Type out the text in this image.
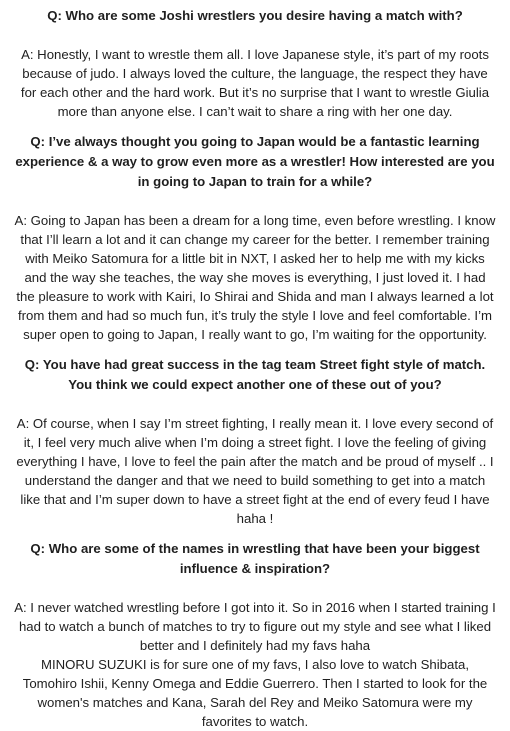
Q: Who are some Joshi wrestlers you desire having a match with?

A: Honestly, I want to wrestle them all. I love Japanese style, it’s part of my roots because of judo. I always loved the culture, the language, the respect they have for each other and the hard work. But it’s no surprise that I want to wrestle Giulia more than anyone else. I can’t wait to share a ring with her one day.

Q: I’ve always thought you going to Japan would be a fantastic learning experience & a way to grow even more as a wrestler! How interested are you in going to Japan to train for a while?

A: Going to Japan has been a dream for a long time, even before wrestling. I know that I’ll learn a lot and it can change my career for the better. I remember training with Meiko Satomura for a little bit in NXT, I asked her to help me with my kicks and the way she teaches, the way she moves is everything, I just loved it. I had the pleasure to work with Kairi, Io Shirai and Shida and man I always learned a lot from them and had so much fun, it’s truly the style I love and feel comfortable. I’m super open to going to Japan, I really want to go, I’m waiting for the opportunity.

Q: You have had great success in the tag team Street fight style of match. You think we could expect another one of these out of you?

A: Of course, when I say I’m street fighting, I really mean it. I love every second of it, I feel very much alive when I’m doing a street fight. I love the feeling of giving everything I have, I love to feel the pain after the match and be proud of myself .. I understand the danger and that we need to build something to get into a match like that and I’m super down to have a street fight at the end of every feud I have haha !

Q: Who are some of the names in wrestling that have been your biggest influence & inspiration?

A: I never watched wrestling before I got into it. So in 2016 when I started training I had to watch a bunch of matches to try to figure out my style and see what I liked better and I definitely had my favs haha

MINORU SUZUKI is for sure one of my favs, I also love to watch Shibata, Tomohiro Ishii, Kenny Omega and Eddie Guerrero. Then I started to look for the women's matches and Kana, Sarah del Rey and Meiko Satomura were my favorites to watch.
